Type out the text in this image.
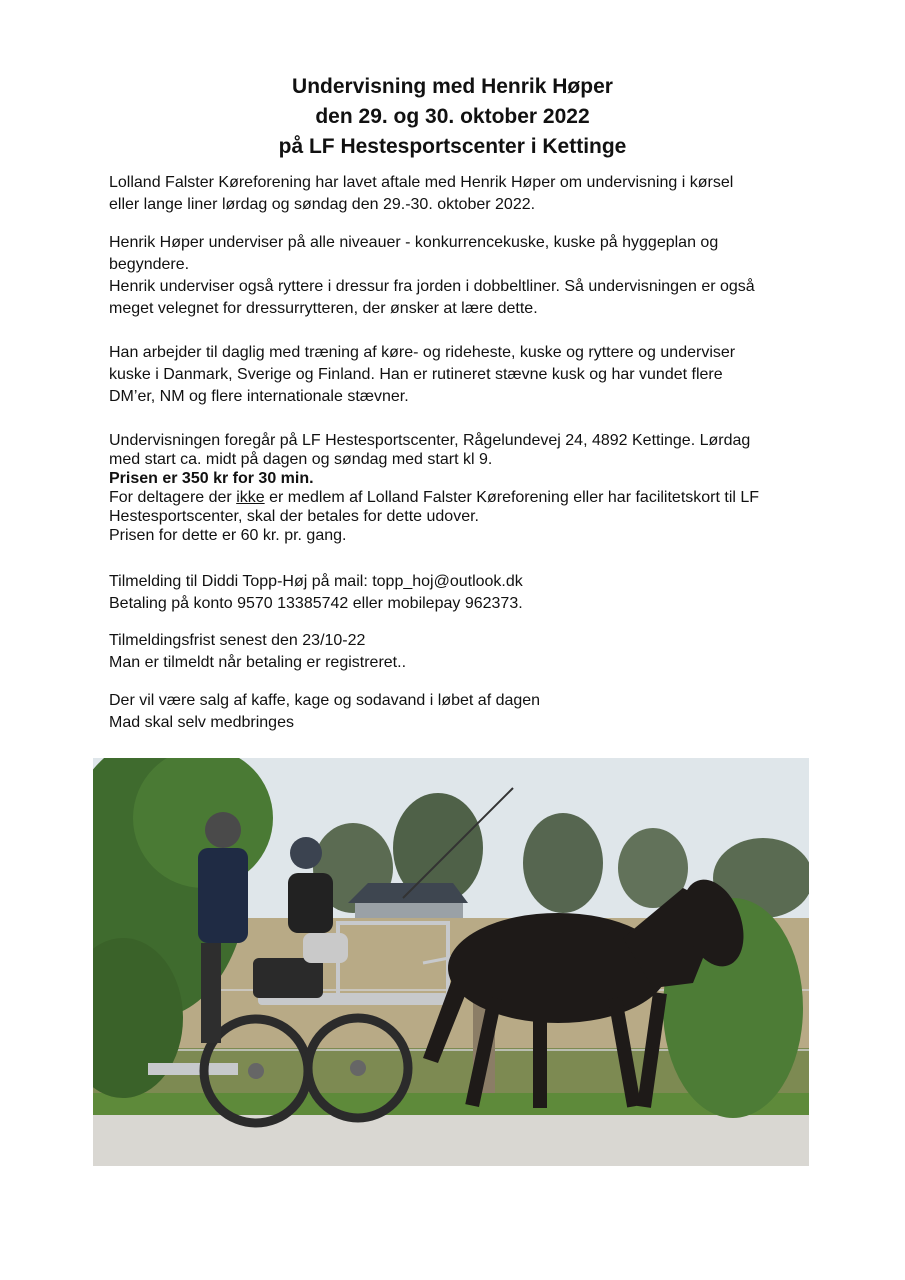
Undervisning med Henrik Høper

den 29. og 30. oktober 2022

på LF Hestesportscenter i Kettinge

Lolland Falster Køreforening har lavet aftale med Henrik Høper om undervisning i kørsel

eller lange liner lørdag og søndag den 29.-30. oktober 2022.

Henrik Høper underviser på alle niveauer - konkurrencekuske, kuske på hyggeplan og

begyndere.

Henrik underviser også ryttere i dressur fra jorden i dobbeltliner. Så undervisningen er også

meget velegnet for dressurrytteren, der ønsker at lære dette.

Han arbejder til daglig med træning af køre- og rideheste, kuske og ryttere og underviser

kuske i Danmark, Sverige og Finland. Han er rutineret stævne kusk og har vundet flere

DM’er, NM og flere internationale stævner.

Undervisningen foregår på LF Hestesportscenter, Rågelundevej 24, 4892 Kettinge. Lørdag

med start ca. midt på dagen og søndag med start kl 9.

Prisen er 350 kr for 30 min.

For deltagere der ikke er medlem af Lolland Falster Køreforening eller har facilitetskort til LF

Hestesportscenter, skal der betales for dette udover.

Prisen for dette er 60 kr. pr. gang.

Tilmelding til Diddi Topp-Høj på mail: topp_hoj@outlook.dk

Betaling på konto 9570 13385742 eller mobilepay 962373.

Tilmeldingsfrist senest den 23/10-22

Man er tilmeldt når betaling er registreret..

Der vil være salg af kaffe, kage og sodavand i løbet af dagen

Mad skal selv medbringes
